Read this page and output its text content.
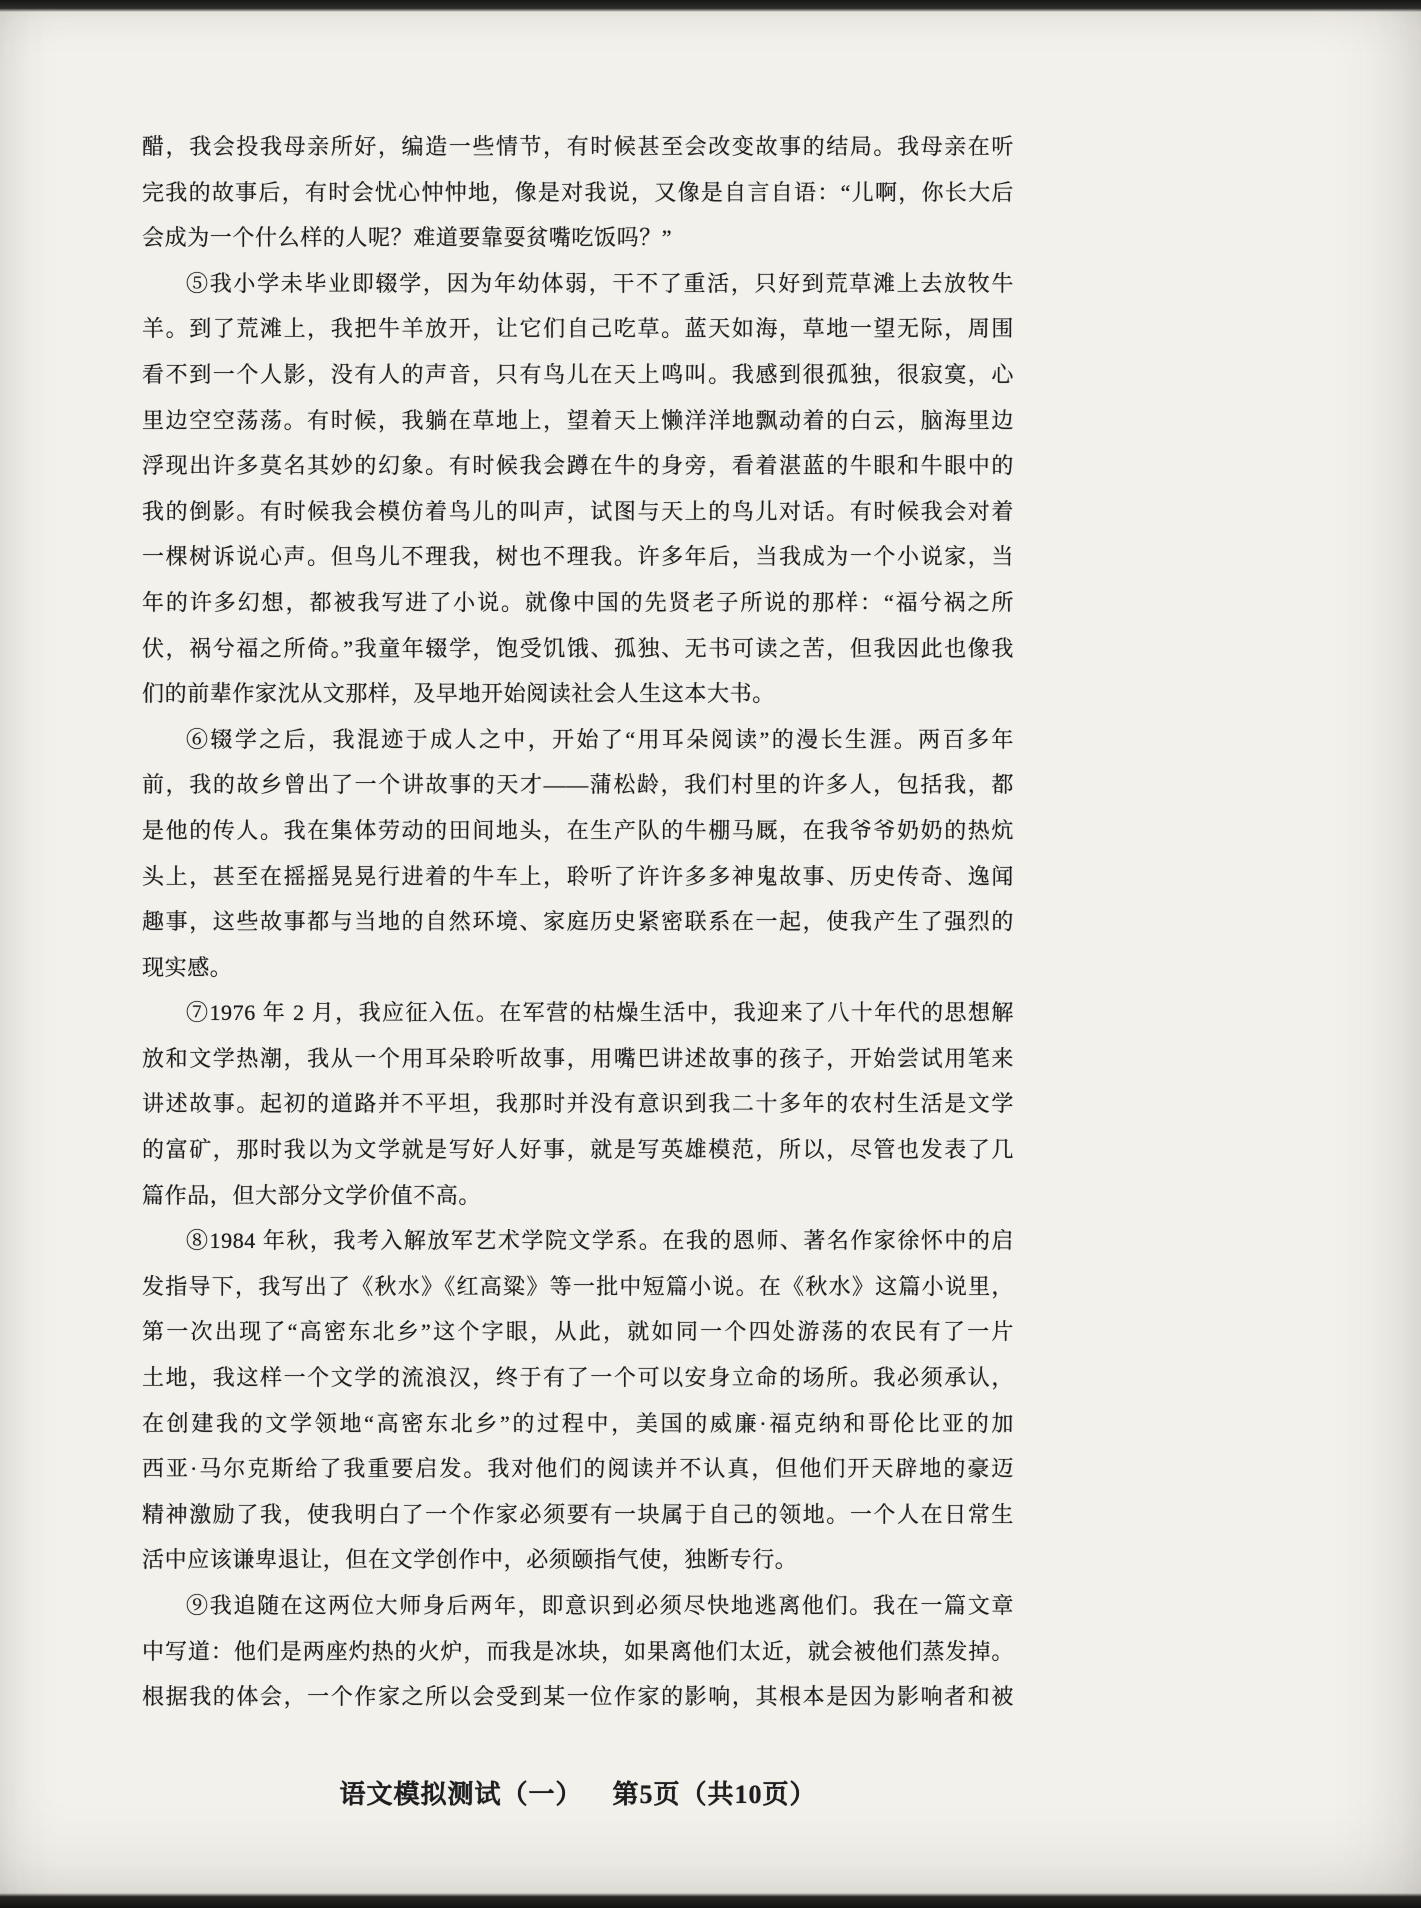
醋，我会投我母亲所好，编造一些情节，有时候甚至会改变故事的结局。我母亲在听
完我的故事后，有时会忧心忡忡地，像是对我说，又像是自言自语：“儿啊，你长大后
会成为一个什么样的人呢？难道要靠耍贫嘴吃饭吗？”
⑤我小学未毕业即辍学，因为年幼体弱，干不了重活，只好到荒草滩上去放牧牛
羊。到了荒滩上，我把牛羊放开，让它们自己吃草。蓝天如海，草地一望无际，周围
看不到一个人影，没有人的声音，只有鸟儿在天上鸣叫。我感到很孤独，很寂寞，心
里边空空荡荡。有时候，我躺在草地上，望着天上懒洋洋地飘动着的白云，脑海里边
浮现出许多莫名其妙的幻象。有时候我会蹲在牛的身旁，看着湛蓝的牛眼和牛眼中的
我的倒影。有时候我会模仿着鸟儿的叫声，试图与天上的鸟儿对话。有时候我会对着
一棵树诉说心声。但鸟儿不理我，树也不理我。许多年后，当我成为一个小说家，当
年的许多幻想，都被我写进了小说。就像中国的先贤老子所说的那样：“福兮祸之所
伏，祸兮福之所倚。”我童年辍学，饱受饥饿、孤独、无书可读之苦，但我因此也像我
们的前辈作家沈从文那样，及早地开始阅读社会人生这本大书。
⑥辍学之后，我混迹于成人之中，开始了“用耳朵阅读”的漫长生涯。两百多年
前，我的故乡曾出了一个讲故事的天才——蒲松龄，我们村里的许多人，包括我，都
是他的传人。我在集体劳动的田间地头，在生产队的牛棚马厩，在我爷爷奶奶的热炕
头上，甚至在摇摇晃晃行进着的牛车上，聆听了许许多多神鬼故事、历史传奇、逸闻
趣事，这些故事都与当地的自然环境、家庭历史紧密联系在一起，使我产生了强烈的
现实感。
⑦1976 年 2 月，我应征入伍。在军营的枯燥生活中，我迎来了八十年代的思想解
放和文学热潮，我从一个用耳朵聆听故事，用嘴巴讲述故事的孩子，开始尝试用笔来
讲述故事。起初的道路并不平坦，我那时并没有意识到我二十多年的农村生活是文学
的富矿，那时我以为文学就是写好人好事，就是写英雄模范，所以，尽管也发表了几
篇作品，但大部分文学价值不高。
⑧1984 年秋，我考入解放军艺术学院文学系。在我的恩师、著名作家徐怀中的启
发指导下，我写出了《秋水》《红高粱》等一批中短篇小说。在《秋水》这篇小说里，
第一次出现了“高密东北乡”这个字眼，从此，就如同一个四处游荡的农民有了一片
土地，我这样一个文学的流浪汉，终于有了一个可以安身立命的场所。我必须承认，
在创建我的文学领地“高密东北乡”的过程中，美国的威廉·福克纳和哥伦比亚的加
西亚·马尔克斯给了我重要启发。我对他们的阅读并不认真，但他们开天辟地的豪迈
精神激励了我，使我明白了一个作家必须要有一块属于自己的领地。一个人在日常生
活中应该谦卑退让，但在文学创作中，必须颐指气使，独断专行。
⑨我追随在这两位大师身后两年，即意识到必须尽快地逃离他们。我在一篇文章
中写道：他们是两座灼热的火炉，而我是冰块，如果离他们太近，就会被他们蒸发掉。
根据我的体会，一个作家之所以会受到某一位作家的影响，其根本是因为影响者和被
语文模拟测试（一） 第5页（共10页）
